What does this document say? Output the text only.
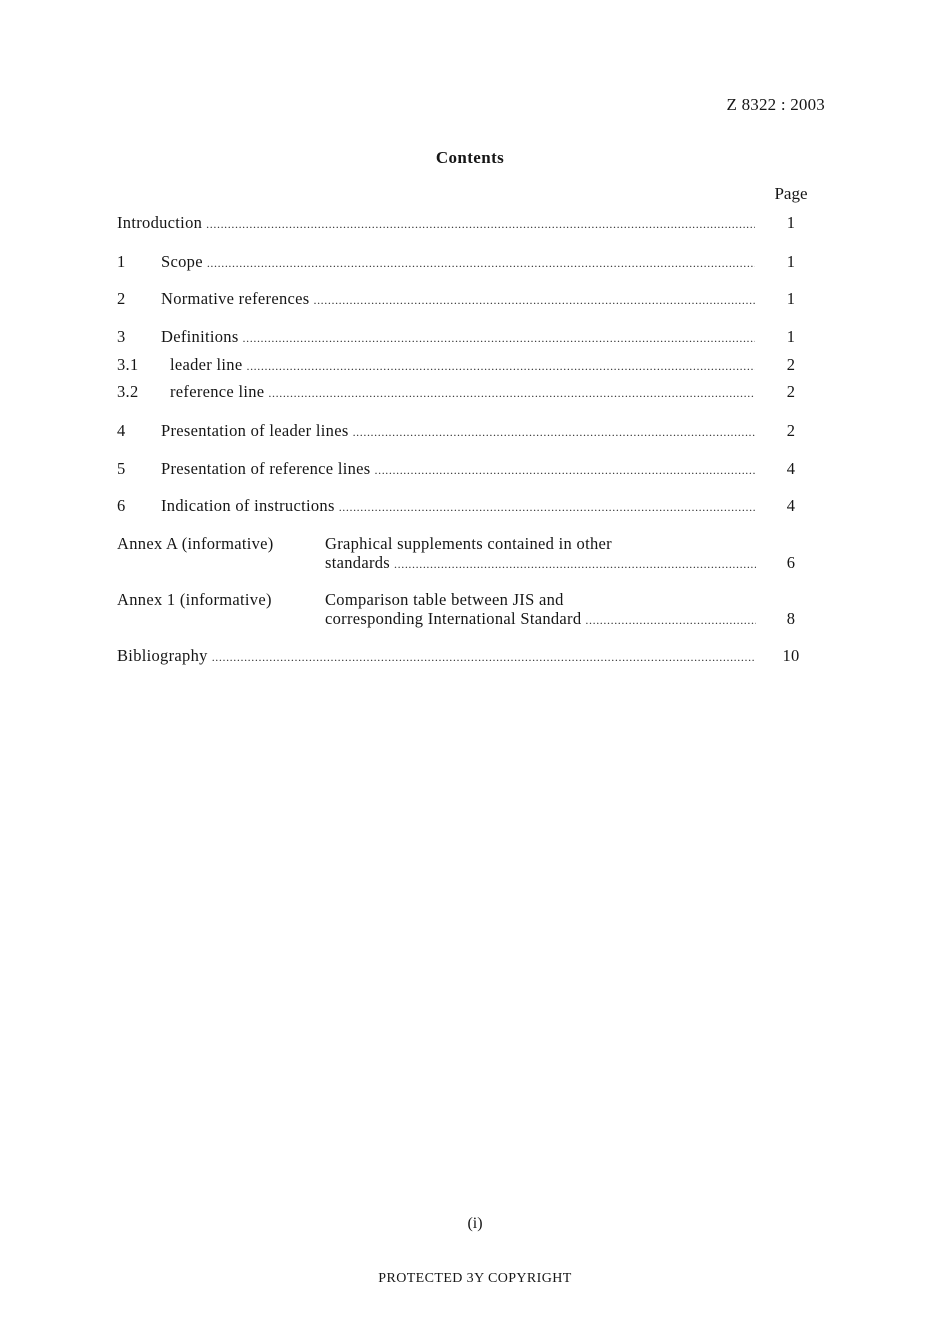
Z 8322 : 2003
Contents
Page
Introduction .....	1
1	Scope .....	1
2	Normative references .....	1
3	Definitions .....	1
3.1	leader line .....	2
3.2	reference line .....	2
4	Presentation of leader lines .....	2
5	Presentation of reference lines .....	4
6	Indication of instructions .....	4
Annex A (informative)	Graphical supplements contained in other
standards .....	6
Annex 1 (informative)	Comparison table between JIS and
corresponding International Standard .....	8
Bibliography .....	10
(i)
PROTECTED 3Y COPYRIGHT
